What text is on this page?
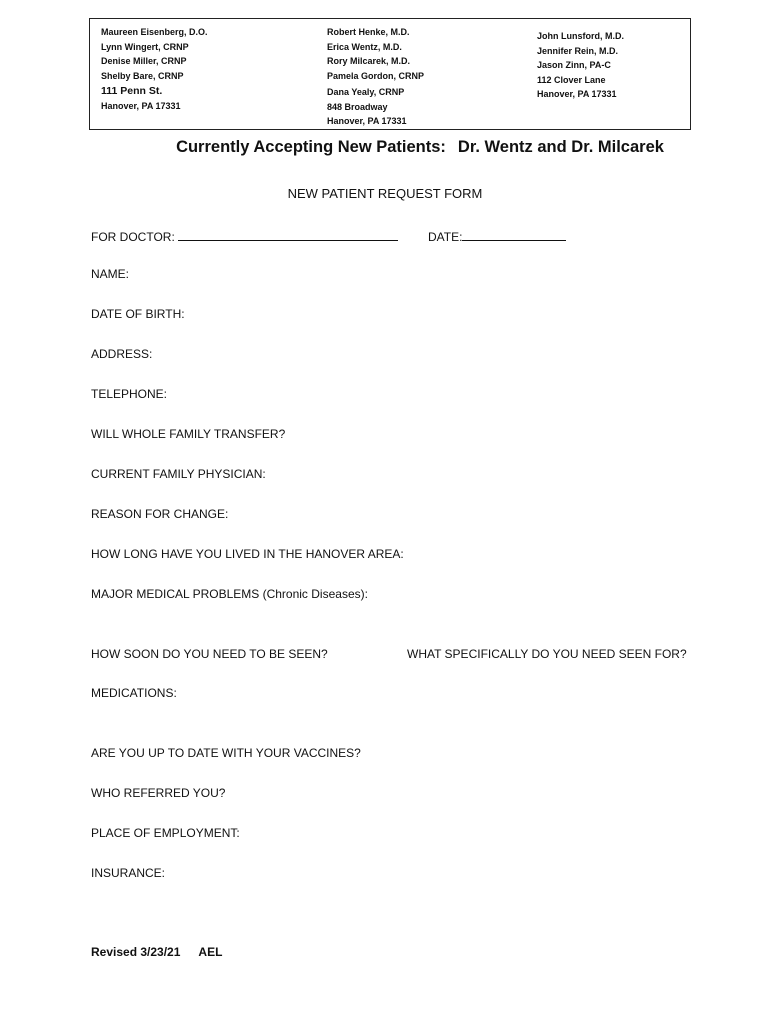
Maureen Eisenberg, D.O.
Lynn Wingert, CRNP
Denise Miller, CRNP
Shelby Bare, CRNP
111 Penn St.
Hanover, PA 17331
Robert Henke, M.D.
Erica Wentz, M.D.
Rory Milcarek, M.D.
Pamela Gordon, CRNP
Dana Yealy, CRNP
848 Broadway
Hanover, PA 17331
John Lunsford, M.D.
Jennifer Rein, M.D.
Jason Zinn, PA-C
112 Clover Lane
Hanover, PA 17331
Currently Accepting New Patients: Dr. Wentz and Dr. Milcarek
NEW PATIENT REQUEST FORM
FOR DOCTOR:	DATE:
NAME:
DATE OF BIRTH:
ADDRESS:
TELEPHONE:
WILL WHOLE FAMILY TRANSFER?
CURRENT FAMILY PHYSICIAN:
REASON FOR CHANGE:
HOW LONG HAVE YOU LIVED IN THE HANOVER AREA:
MAJOR MEDICAL PROBLEMS (Chronic Diseases):
HOW SOON DO YOU NEED TO BE SEEN?	WHAT SPECIFICALLY DO YOU NEED SEEN FOR?
MEDICATIONS:
ARE YOU UP TO DATE WITH YOUR VACCINES?
WHO REFERRED YOU?
PLACE OF EMPLOYMENT:
INSURANCE:
Revised 3/23/21 AEL
